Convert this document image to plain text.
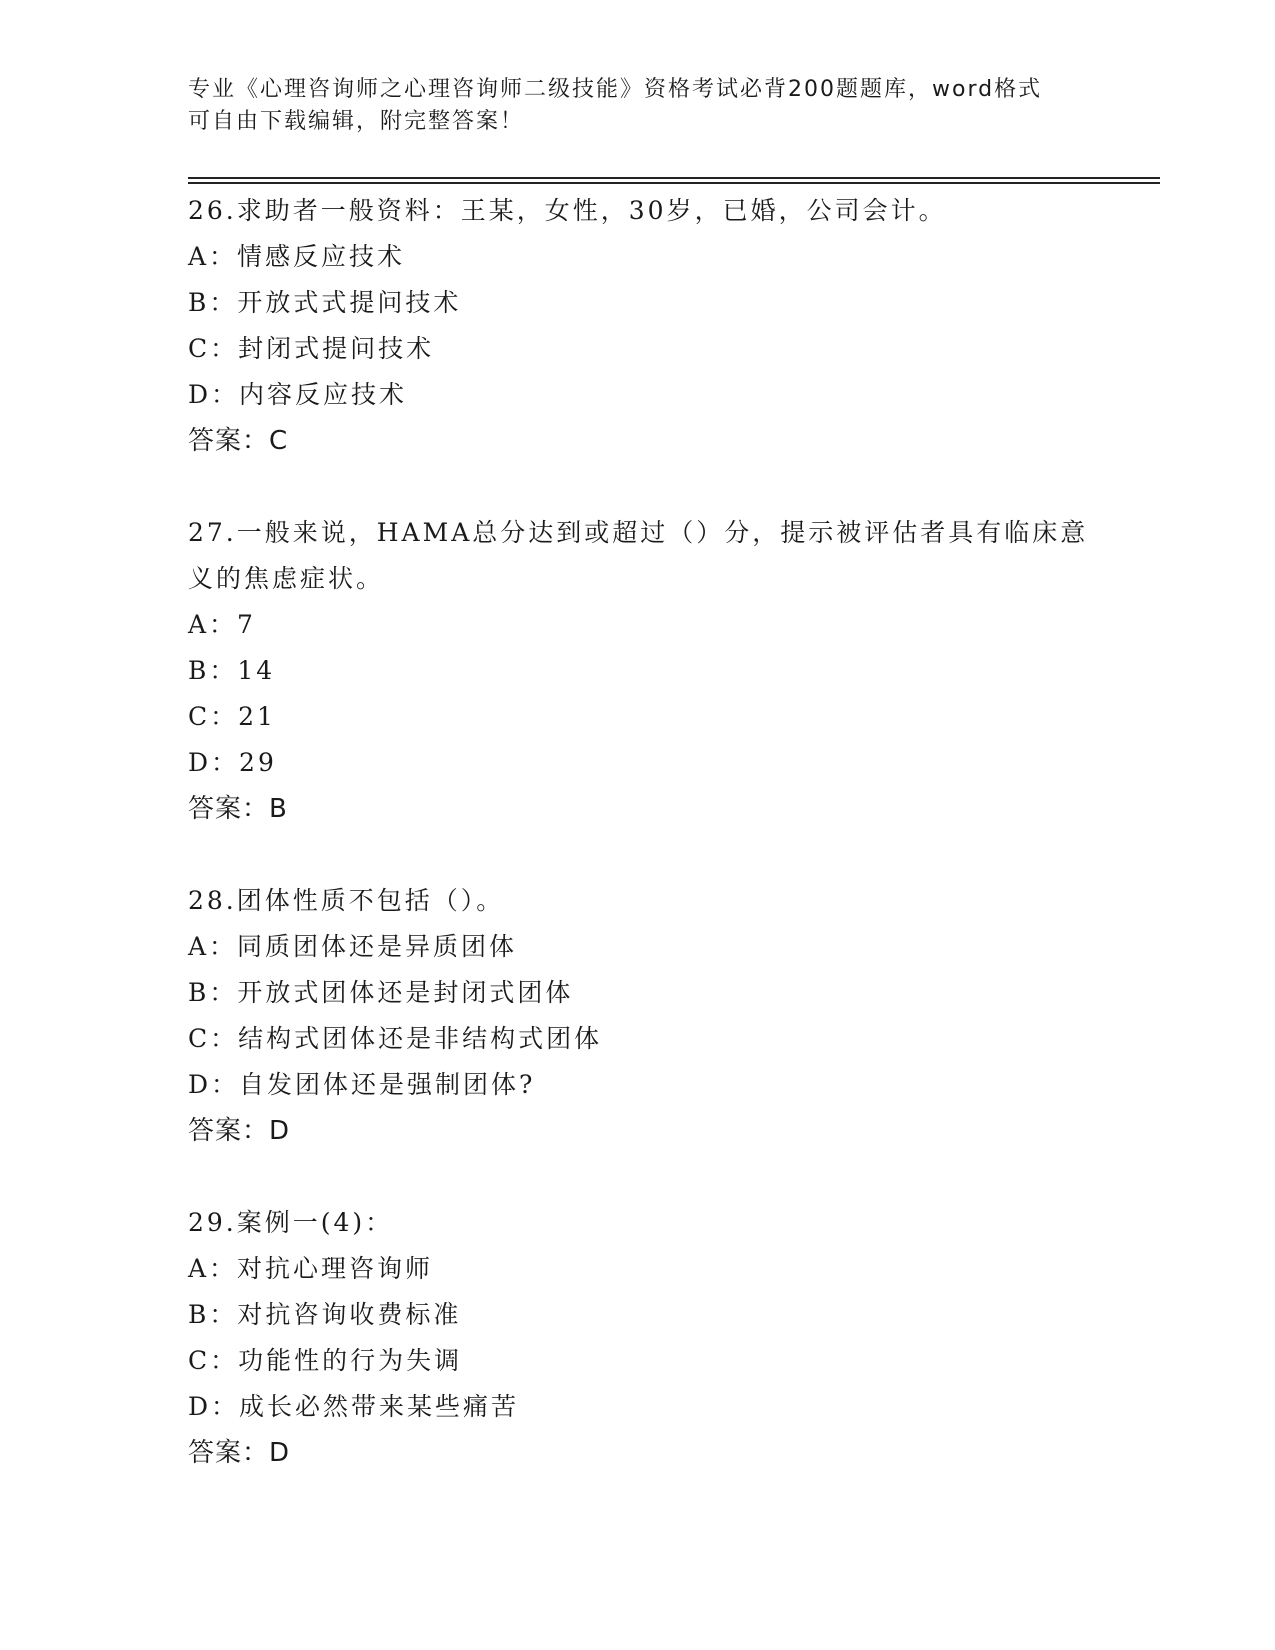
专业《心理咨询师之心理咨询师二级技能》资格考试必背200题题库，word格式
可自由下载编辑，附完整答案！
26.求助者一般资料：王某，女性，30岁，已婚，公司会计。
A：情感反应技术
B：开放式式提问技术
C：封闭式提问技术
D：内容反应技术
答案：C
27.一般来说，HAMA总分达到或超过（）分，提示被评估者具有临床意
义的焦虑症状。
A：7
B：14
C：21
D：29
答案：B
28.团体性质不包括（）。
A：同质团体还是异质团体
B：开放式团体还是封闭式团体
C：结构式团体还是非结构式团体
D：自发团体还是强制团体?
答案：D
29.案例一(4)：
A：对抗心理咨询师
B：对抗咨询收费标准
C：功能性的行为失调
D：成长必然带来某些痛苦
答案：D
